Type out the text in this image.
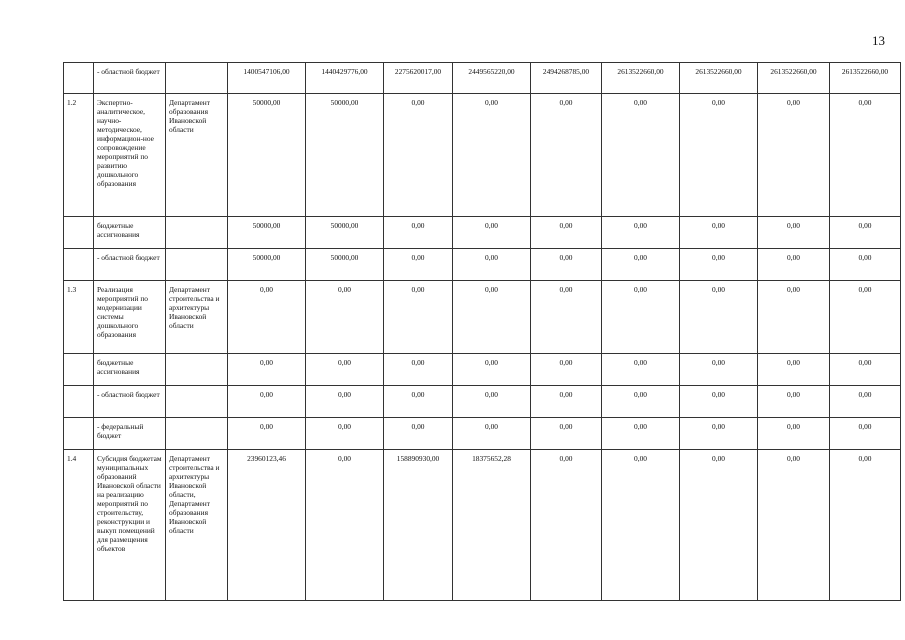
13
	- областной бюджет		1400547106,00	1440429776,00	2275620017,00	2449565220,00	2494268785,00	2613522660,00	2613522660,00	2613522660,00	2613522660,00
1.2	Экспертно-аналитическое, научно-методическое, информацион-ное сопровождение мероприятий по развитию дошкольного образования	Департамент образования Ивановской области	50000,00	50000,00	0,00	0,00	0,00	0,00	0,00	0,00	0,00
	бюджетные ассигнования		50000,00	50000,00	0,00	0,00	0,00	0,00	0,00	0,00	0,00
	- областной бюджет		50000,00	50000,00	0,00	0,00	0,00	0,00	0,00	0,00	0,00
1.3	Реализация мероприятий по модернизации системы дошкольного образования	Департамент строительства и архитектуры Ивановской области	0,00	0,00	0,00	0,00	0,00	0,00	0,00	0,00	0,00
	бюджетные ассигнования		0,00	0,00	0,00	0,00	0,00	0,00	0,00	0,00	0,00
	- областной бюджет		0,00	0,00	0,00	0,00	0,00	0,00	0,00	0,00	0,00
	- федеральный бюджет		0,00	0,00	0,00	0,00	0,00	0,00	0,00	0,00	0,00
1.4	Субсидия бюджетам муниципальных образований Ивановской области на реализацию мероприятий по строительству, реконструкции и выкуп помещений для размещения объектов	Департамент строительства и архитектуры Ивановской области, Департамент образования Ивановской области	23960123,46	0,00	158890930,00	18375652,28	0,00	0,00	0,00	0,00	0,00
